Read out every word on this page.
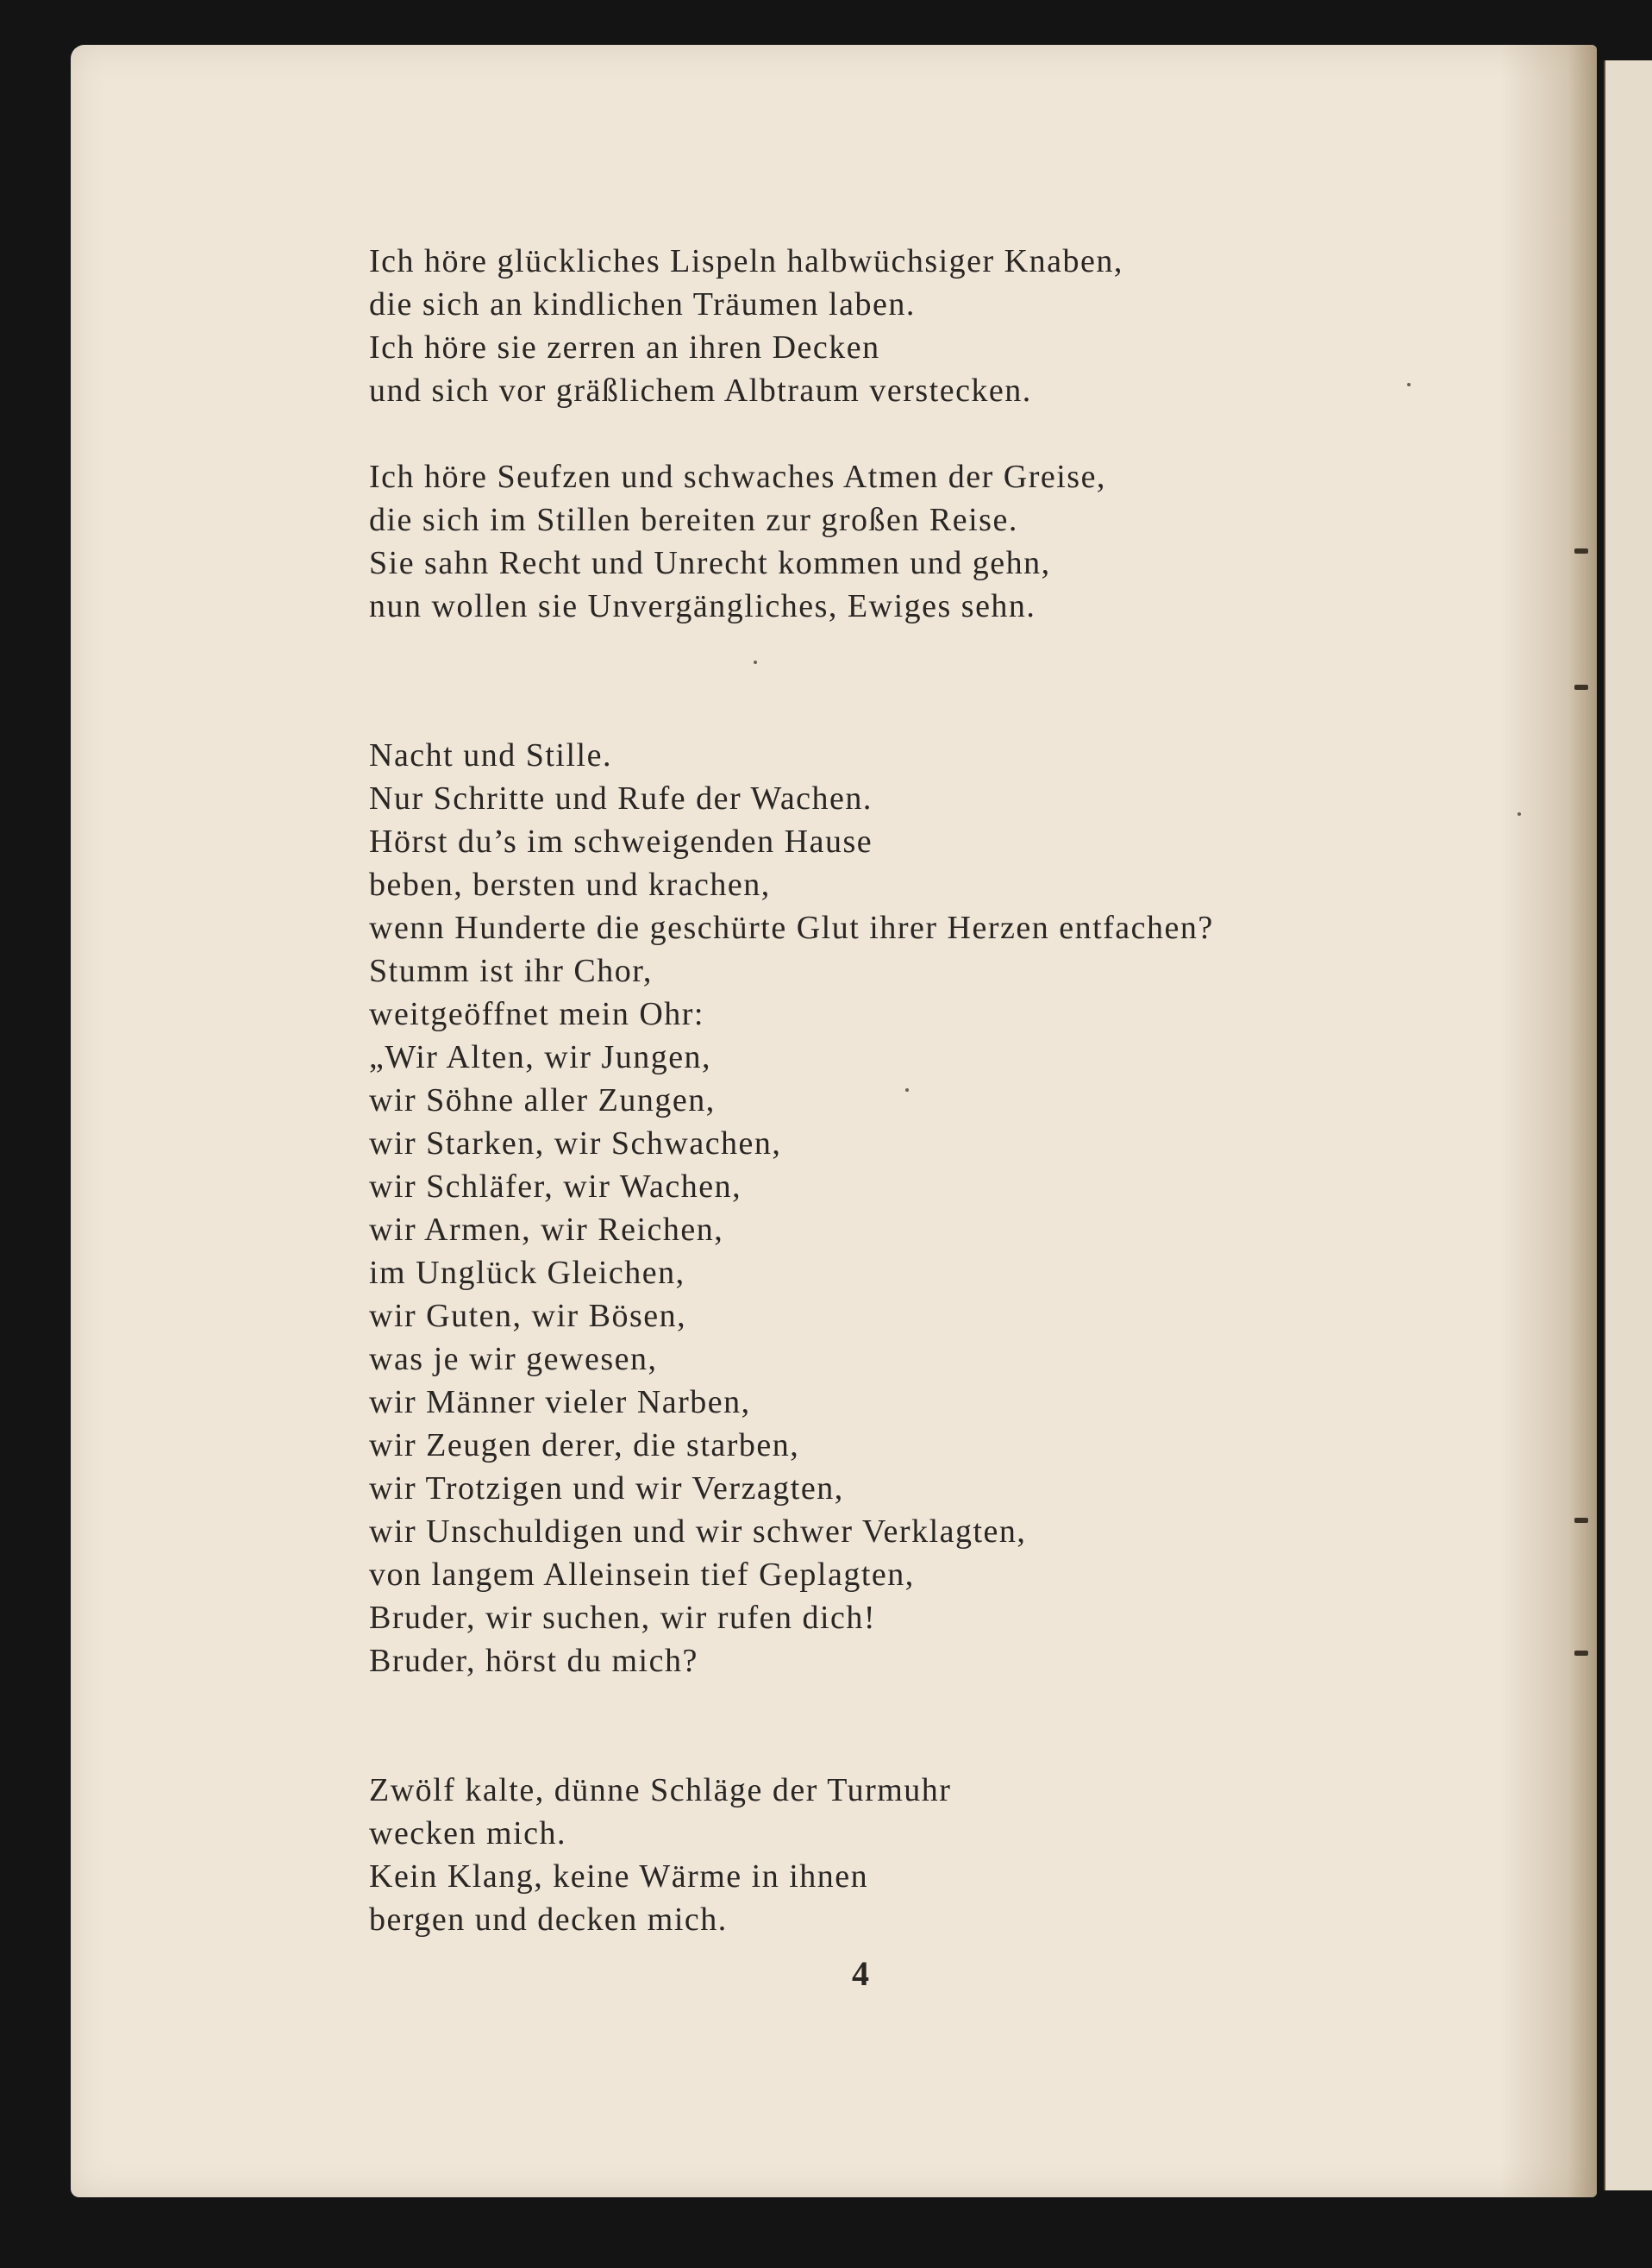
Ich höre glückliches Lispeln halbwüchsiger Knaben,
die sich an kindlichen Träumen laben.
Ich höre sie zerren an ihren Decken
und sich vor gräßlichem Albtraum verstecken.
Ich höre Seufzen und schwaches Atmen der Greise,
die sich im Stillen bereiten zur großen Reise.
Sie sahn Recht und Unrecht kommen und gehn,
nun wollen sie Unvergängliches, Ewiges sehn.
Nacht und Stille.
Nur Schritte und Rufe der Wachen.
Hörst du’s im schweigenden Hause
beben, bersten und krachen,
wenn Hunderte die geschürte Glut ihrer Herzen entfachen?
Stumm ist ihr Chor,
weitgeöffnet mein Ohr:
„Wir Alten, wir Jungen,
wir Söhne aller Zungen,
wir Starken, wir Schwachen,
wir Schläfer, wir Wachen,
wir Armen, wir Reichen,
im Unglück Gleichen,
wir Guten, wir Bösen,
was je wir gewesen,
wir Männer vieler Narben,
wir Zeugen derer, die starben,
wir Trotzigen und wir Verzagten,
wir Unschuldigen und wir schwer Verklagten,
von langem Alleinsein tief Geplagten,
Bruder, wir suchen, wir rufen dich!
Bruder, hörst du mich?
Zwölf kalte, dünne Schläge der Turmuhr
wecken mich.
Kein Klang, keine Wärme in ihnen
bergen und decken mich.
4
